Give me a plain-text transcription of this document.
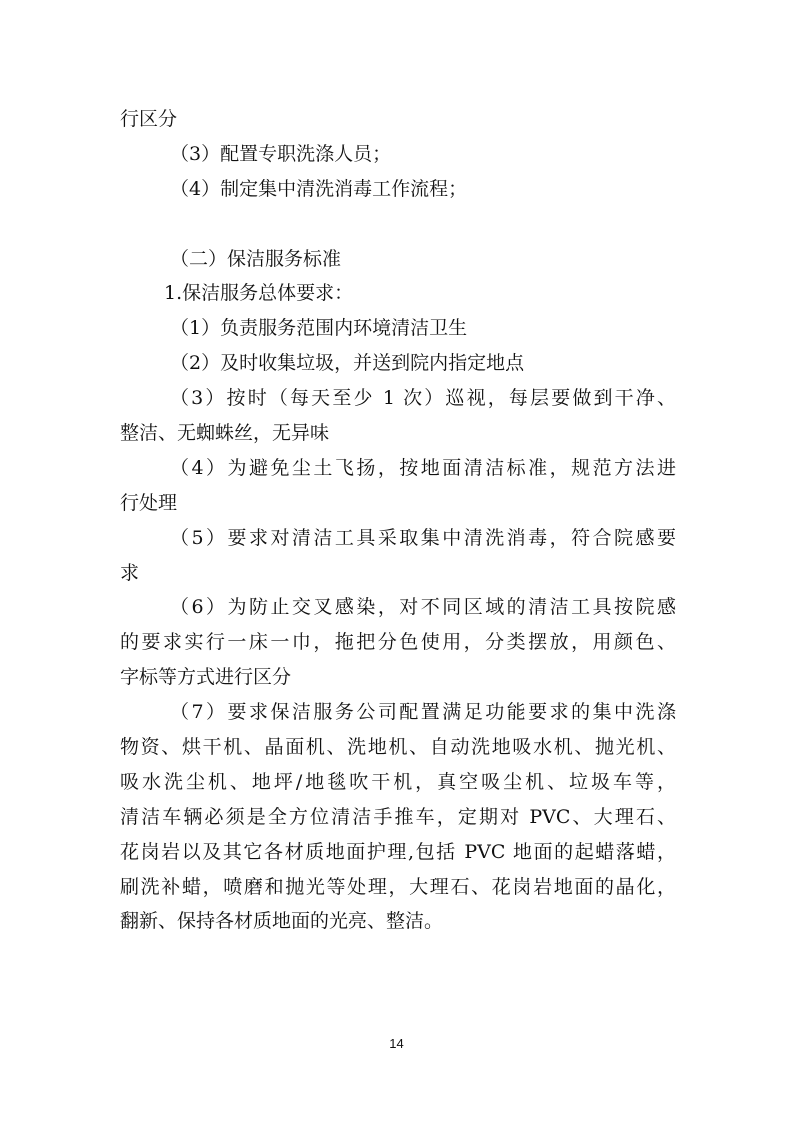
行区分
（3）配置专职洗涤人员；
（4）制定集中清洗消毒工作流程；
（二）保洁服务标准
1.保洁服务总体要求：
（1）负责服务范围内环境清洁卫生
（2）及时收集垃圾，并送到院内指定地点
（3）按时（每天至少 1 次）巡视，每层要做到干净、
整洁、无蜘蛛丝，无异味
（4）为避免尘土飞扬，按地面清洁标准，规范方法进
行处理
（5）要求对清洁工具采取集中清洗消毒，符合院感要
求
（6）为防止交叉感染，对不同区域的清洁工具按院感
的要求实行一床一巾，拖把分色使用，分类摆放，用颜色、
字标等方式进行区分
（7）要求保洁服务公司配置满足功能要求的集中洗涤
物资、烘干机、晶面机、洗地机、自动洗地吸水机、抛光机、
吸水洗尘机、地坪/地毯吹干机，真空吸尘机、垃圾车等，
清洁车辆必须是全方位清洁手推车，定期对 PVC、大理石、
花岗岩以及其它各材质地面护理,包括 PVC 地面的起蜡落蜡，
刷洗补蜡，喷磨和抛光等处理，大理石、花岗岩地面的晶化，
翻新、保持各材质地面的光亮、整洁。
14
